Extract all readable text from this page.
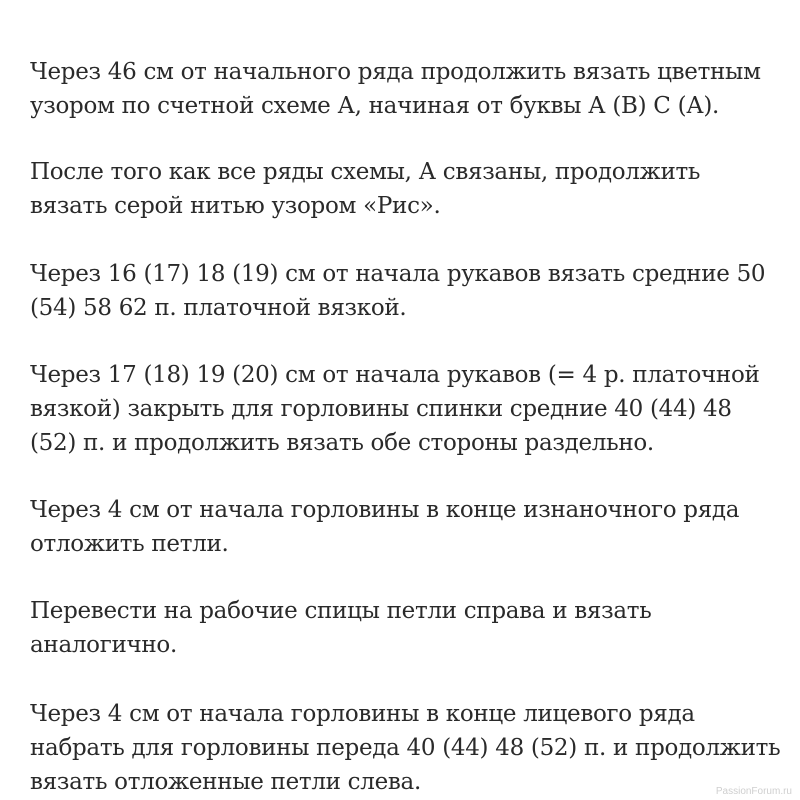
Через 46 см от начального ряда продолжить вязать цветным
узором по счетной схеме А, начиная от буквы А (В) С (А).

После того как все ряды схемы, А связаны, продолжить
вязать серой нитью узором «Рис».

Через 16 (17) 18 (19) см от начала рукавов вязать средние 50
(54) 58 62 п. платочной вязкой.

Через 17 (18) 19 (20) см от начала рукавов (= 4 р. платочной
вязкой) закрыть для горловины спинки средние 40 (44) 48
(52) п. и продолжить вязать обе стороны раздельно.

Через 4 см от начала горловины в конце изнаночного ряда
отложить петли.

Перевести на рабочие спицы петли справа и вязать
аналогично.

Через 4 см от начала горловины в конце лицевого ряда
набрать для горловины переда 40 (44) 48 (52) п. и продолжить
вязать отложенные петли слева.	PassionForum.ru
